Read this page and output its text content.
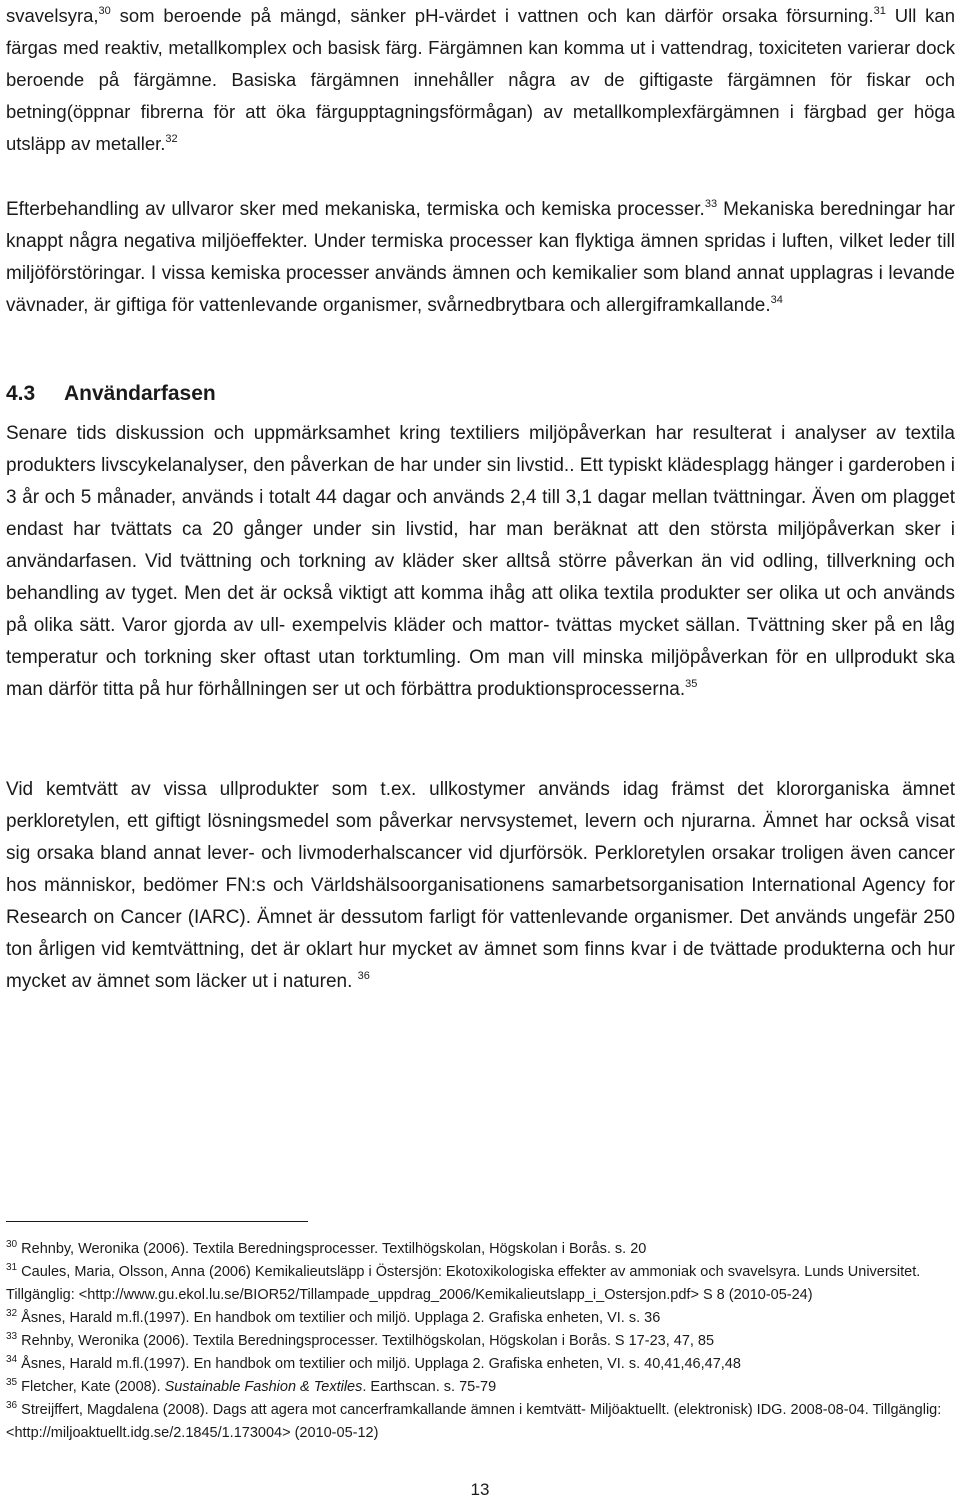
svavelsyra,$^{30}$ som beroende på mängd, sänker pH-värdet i vattnen och kan därför orsaka försurning.$^{31}$ Ull kan färgas med reaktiv, metallkomplex och basisk färg. Färgämnen kan komma ut i vattendrag, toxiciteten varierar dock beroende på färgämne. Basiska färgämnen innehåller några av de giftigaste färgämnen för fiskar och betning(öppnar fibrerna för att öka färgupptagningsförmågan) av metallkomplexfärgämnen i färgbad ger höga utsläpp av metaller.$^{32}$

Efterbehandling av ullvaror sker med mekaniska, termiska och kemiska processer.$^{33}$ Mekaniska beredningar har knappt några negativa miljöeffekter. Under termiska processer kan flyktiga ämnen spridas i luften, vilket leder till miljöförstöringar. I vissa kemiska processer används ämnen och kemikalier som bland annat upplagras i levande vävnader, är giftiga för vattenlevande organismer, svårnedbrytbara och allergiframkallande.$^{34}$

4.3 Användarfasen

Senare tids diskussion och uppmärksamhet kring textiliers miljöpåverkan har resulterat i analyser av textila produkters livscykelanalyser, den påverkan de har under sin livstid.. Ett typiskt klädesplagg hänger i garderoben i 3 år och 5 månader, används i totalt 44 dagar och används 2,4 till 3,1 dagar mellan tvättningar. Även om plagget endast har tvättats ca 20 gånger under sin livstid, har man beräknat att den största miljöpåverkan sker i användarfasen. Vid tvättning och torkning av kläder sker alltså större påverkan än vid odling, tillverkning och behandling av tyget. Men det är också viktigt att komma ihåg att olika textila produkter ser olika ut och används på olika sätt. Varor gjorda av ull- exempelvis kläder och mattor- tvättas mycket sällan. Tvättning sker på en låg temperatur och torkning sker oftast utan torktumling. Om man vill minska miljöpåverkan för en ullprodukt ska man därför titta på hur förhållningen ser ut och förbättra produktionsprocesserna.$^{35}$

Vid kemtvätt av vissa ullprodukter som t.ex. ullkostymer används idag främst det klororganiska ämnet perkloretylen, ett giftigt lösningsmedel som påverkar nervsystemet, levern och njurarna. Ämnet har också visat sig orsaka bland annat lever- och livmoderhalscancer vid djurförsök. Perkloretylen orsakar troligen även cancer hos människor, bedömer FN:s och Världshälsoorganisationens samarbetsorganisation International Agency for Research on Cancer (IARC). Ämnet är dessutom farligt för vattenlevande organismer. Det används ungefär 250 ton årligen vid kemtvättning, det är oklart hur mycket av ämnet som finns kvar i de tvättade produkterna och hur mycket av ämnet som läcker ut i naturen. $^{36}$

$^{30}$ Rehnby, Weronika (2006). Textila Beredningsprocesser. Textilhögskolan, Högskolan i Borås. s. 20

$^{31}$ Caules, Maria, Olsson, Anna (2006) Kemikalieutsläpp i Östersjön: Ekotoxikologiska effekter av ammoniak och svavelsyra. Lunds Universitet. Tillgänglig: <http://www.gu.ekol.lu.se/BIOR52/Tillampade_uppdrag_2006/Kemikalieutslapp_i_Ostersjon.pdf> S 8 (2010-05-24)

$^{32}$ Åsnes, Harald m.fl.(1997). En handbok om textilier och miljö. Upplaga 2. Grafiska enheten, VI. s. 36

$^{33}$ Rehnby, Weronika (2006). Textila Beredningsprocesser. Textilhögskolan, Högskolan i Borås. S 17-23, 47, 85

$^{34}$ Åsnes, Harald m.fl.(1997). En handbok om textilier och miljö. Upplaga 2. Grafiska enheten, VI. s. 40,41,46,47,48

$^{35}$ Fletcher, Kate (2008). Sustainable Fashion & Textiles. Earthscan. s. 75-79

$^{36}$ Streijffert, Magdalena (2008). Dags att agera mot cancerframkallande ämnen i kemtvätt- Miljöaktuellt. (elektronisk) IDG. 2008-08-04. Tillgänglig: <http://miljoaktuellt.idg.se/2.1845/1.173004> (2010-05-12)

13
